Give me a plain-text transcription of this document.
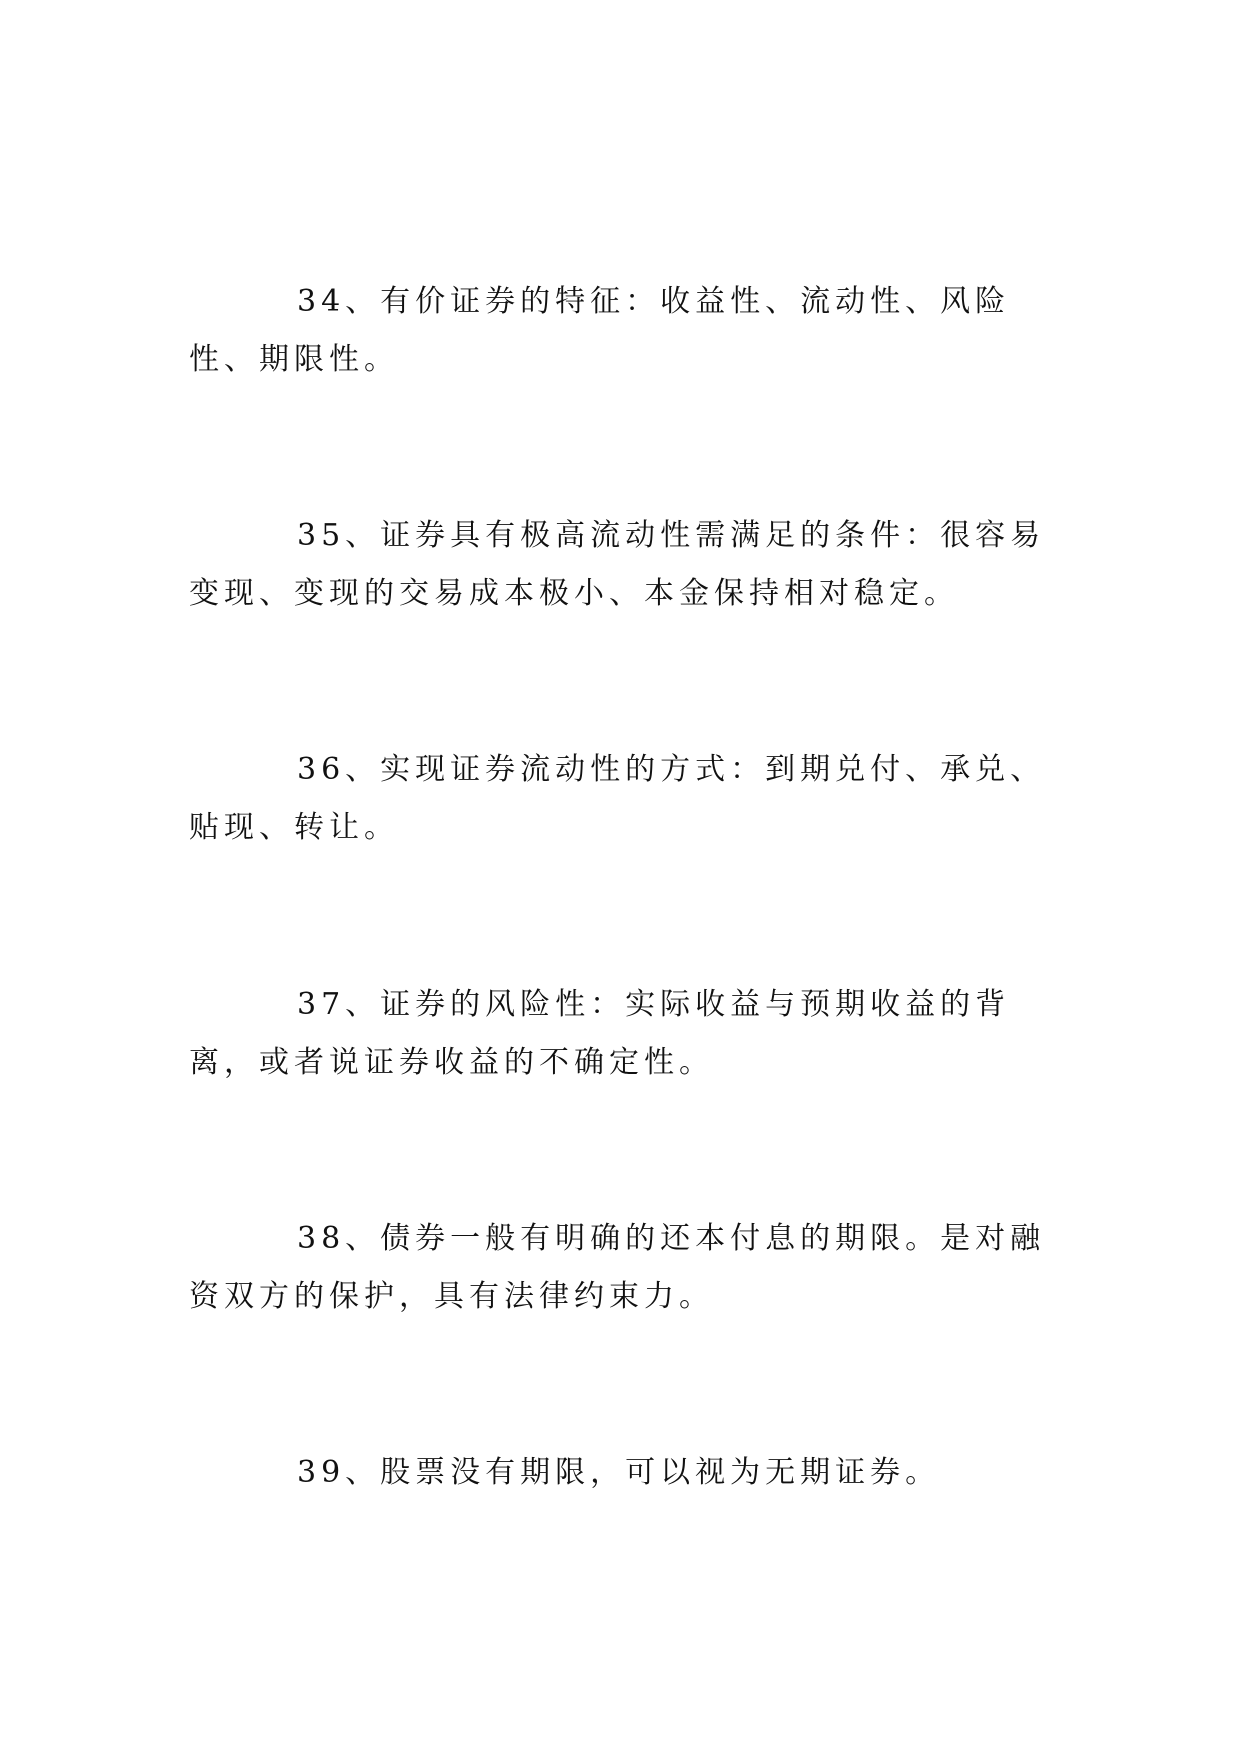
34、有价证券的特征：收益性、流动性、风险性、期限性。

35、证券具有极高流动性需满足的条件：很容易变现、变现的交易成本极小、本金保持相对稳定。

36、实现证券流动性的方式：到期兑付、承兑、贴现、转让。

37、证券的风险性：实际收益与预期收益的背离，或者说证券收益的不确定性。

38、债券一般有明确的还本付息的期限。是对融资双方的保护，具有法律约束力。

39、股票没有期限，可以视为无期证券。
